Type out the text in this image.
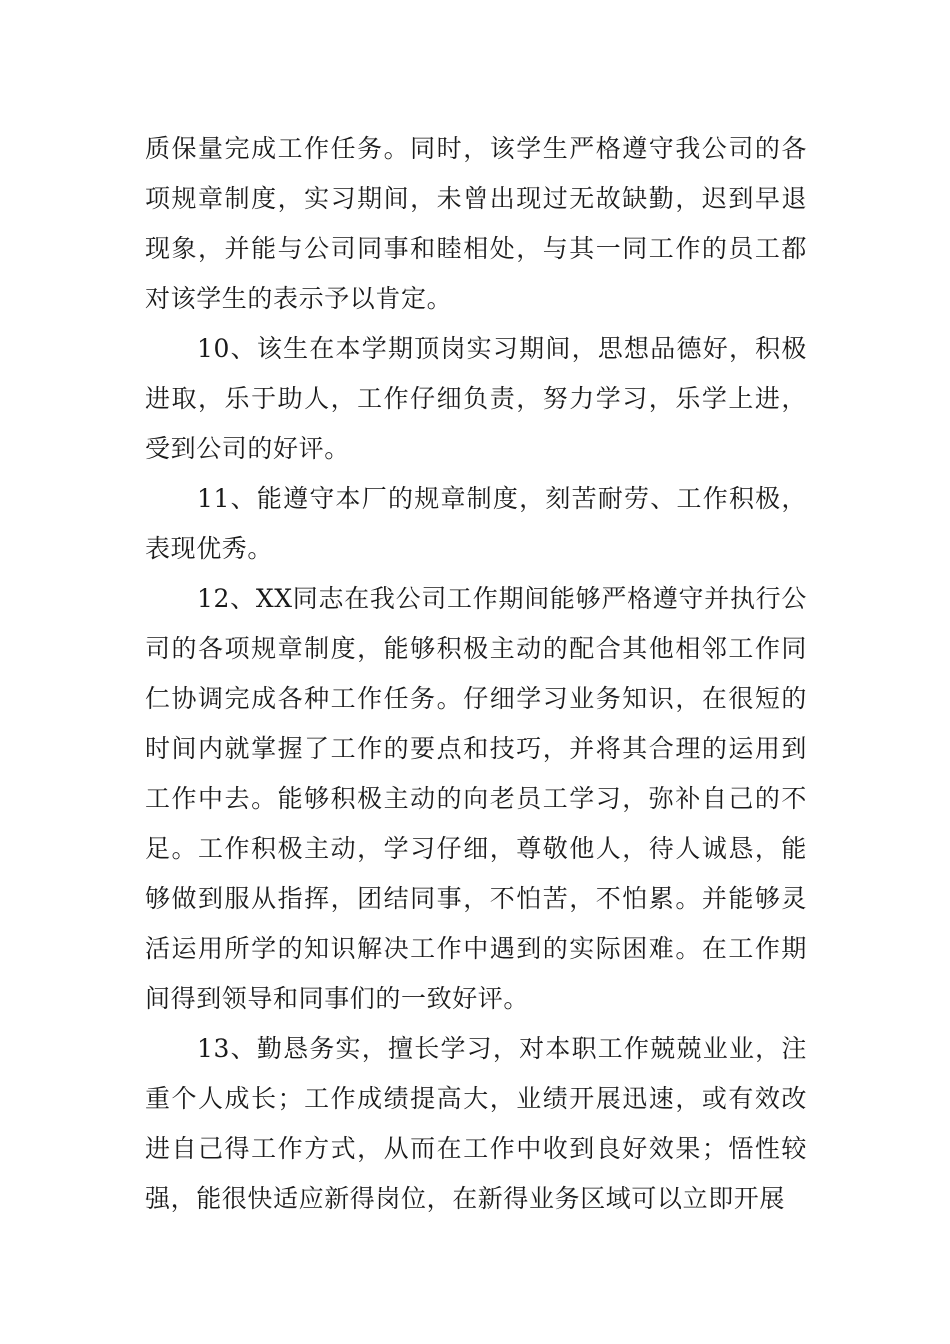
质保量完成工作任务。同时，该学生严格遵守我公司的各项规章制度，实习期间，未曾出现过无故缺勤，迟到早退现象，并能与公司同事和睦相处，与其一同工作的员工都对该学生的表示予以肯定。

10、该生在本学期顶岗实习期间，思想品德好，积极进取，乐于助人，工作仔细负责，努力学习，乐学上进，受到公司的好评。

11、能遵守本厂的规章制度，刻苦耐劳、工作积极，表现优秀。

12、XX同志在我公司工作期间能够严格遵守并执行公司的各项规章制度，能够积极主动的配合其他相邻工作同仁协调完成各种工作任务。仔细学习业务知识，在很短的时间内就掌握了工作的要点和技巧，并将其合理的运用到工作中去。能够积极主动的向老员工学习，弥补自己的不足。工作积极主动，学习仔细，尊敬他人，待人诚恳，能够做到服从指挥，团结同事，不怕苦，不怕累。并能够灵活运用所学的知识解决工作中遇到的实际困难。在工作期间得到领导和同事们的一致好评。

13、勤恳务实，擅长学习，对本职工作兢兢业业，注重个人成长；工作成绩提高大，业绩开展迅速，或有效改进自己得工作方式，从而在工作中收到良好效果；悟性较强，能很快适应新得岗位，在新得业务区域可以立即开展
